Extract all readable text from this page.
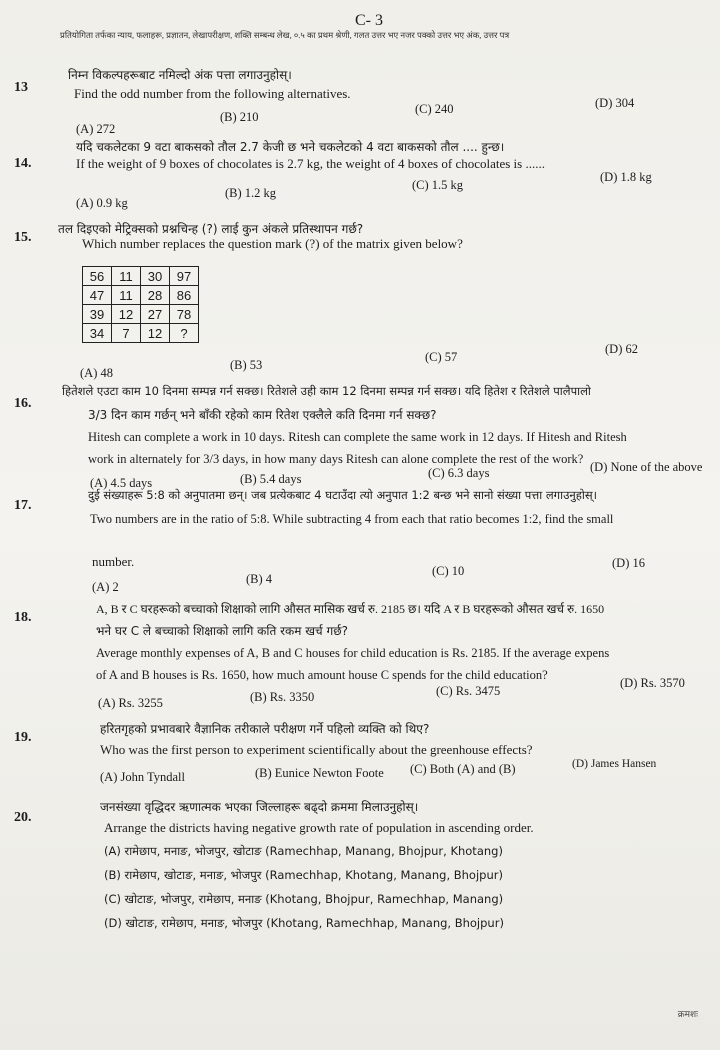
C- 3
प्रतियोगिता तर्फका न्याय, फलाहरू, प्रज्ञातन, लेखापरीक्षण, शक्ति सम्बन्ध लेख, ०.५ का प्रथम श्रेणी, गलत उत्तर भए नजर पक्को उत्तर भए अंक, उत्तर पत्र
13
निम्न विकल्पहरूबाट नमिल्दो अंक पत्ता लगाउनुहोस्।
Find the odd number from the following alternatives.
(A) 272
(B) 210
(C) 240	(D) 304
14.
यदि चकलेटका 9 वटा बाकसको तौल 2.7 केजी छ भने चकलेटको 4 वटा बाकसको तौल .... हुन्छ।
If the weight of 9 boxes of chocolates is 2.7 kg, the weight of 4 boxes of chocolates is ......
(A) 0.9 kg
(B) 1.2 kg
(C) 1.5 kg
(D) 1.8 kg
15.
तल दिइएको मेट्रिक्सको प्रश्नचिन्ह (?) लाई कुन अंकले प्रतिस्थापन गर्छ?
Which number replaces the question mark (?) of the matrix given below?
56	11	30	97
47	11	28	86
39	12	27	78
34	7	12	?
(A) 48
(B) 53
(C) 57
(D) 62
16.
हितेशले एउटा काम 10 दिनमा सम्पन्न गर्न सक्छ। रितेशले उही काम 12 दिनमा सम्पन्न गर्न सक्छ। यदि हितेश र रितेशले पालैपालो
3/3 दिन काम गर्छन् भने बाँकी रहेको काम रितेश एक्लैले कति दिनमा गर्न सक्छ?
Hitesh can complete a work in 10 days. Ritesh can complete the same work in 12 days. If Hitesh and Ritesh
work in alternately for 3/3 days, in how many days Ritesh can alone complete the rest of the work?
(A) 4.5 days	(B) 5.4 days	(C) 6.3 days	(D) None of the above
17.
दुई संख्याहरू 5:8 को अनुपातमा छन्। जब प्रत्येकबाट 4 घटाउँदा त्यो अनुपात 1:2 बन्छ भने सानो संख्या पत्ता लगाउनुहोस्।
Two numbers are in the ratio of 5:8. While subtracting 4 from each that ratio becomes 1:2, find the small
number.
(A) 2
(B) 4
(C) 10
(D) 16
18.
A, B र C घरहरूको बच्चाको शिक्षाको लागि औसत मासिक खर्च रु. 2185 छ। यदि A र B घरहरूको औसत खर्च रु. 1650
भने घर C ले बच्चाको शिक्षाको लागि कति रकम खर्च गर्छ?
Average monthly expenses of A, B and C houses for child education is Rs. 2185. If the average expens
of A and B houses is Rs. 1650, how much amount house C spends for the child education?
(A) Rs. 3255	(B) Rs. 3350	(C) Rs. 3475
(D) Rs. 3570
19.
हरितगृहको प्रभावबारे वैज्ञानिक तरीकाले परीक्षण गर्ने पहिलो व्यक्ति को थिए?
Who was the first person to experiment scientifically about the greenhouse effects?
(A) John Tyndall	(B) Eunice Newton Foote (C) Both (A) and (B)	(D) James Hansen
20.
जनसंख्या वृद्धिदर ऋणात्मक भएका जिल्लाहरू बढ्दो क्रममा मिलाउनुहोस्।
Arrange the districts having negative growth rate of population in ascending order.
(A) रामेछाप, मनाङ, भोजपुर, खोटाङ (Ramechhap, Manang, Bhojpur, Khotang)
(B) रामेछाप, खोटाङ, मनाङ, भोजपुर (Ramechhap, Khotang, Manang, Bhojpur)
(C) खोटाङ, भोजपुर, रामेछाप, मनाङ (Khotang, Bhojpur, Ramechhap, Manang)
(D) खोटाङ, रामेछाप, मनाङ, भोजपुर (Khotang, Ramechhap, Manang, Bhojpur)
क्रमशः
